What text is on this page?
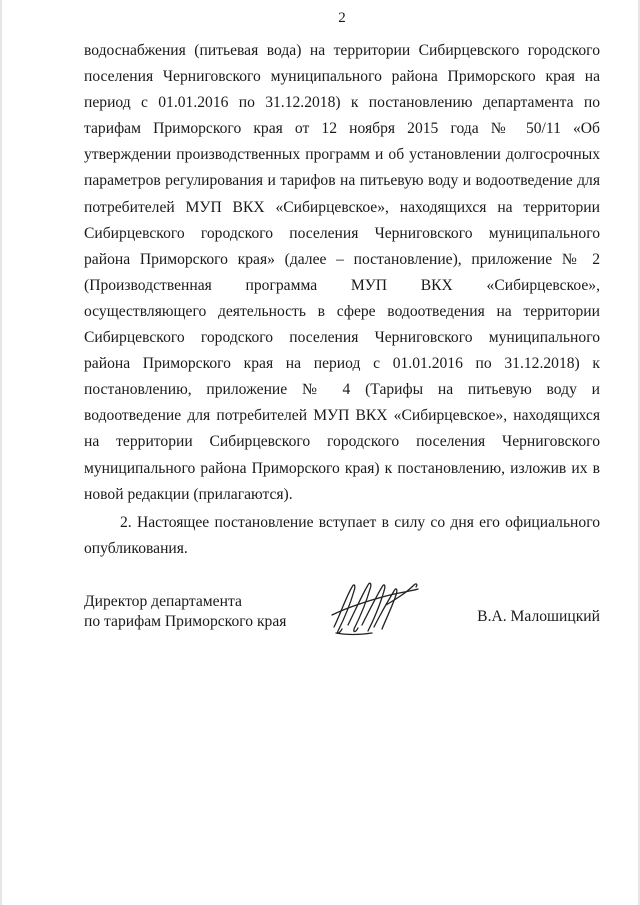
2

водоснабжения (питьевая вода) на территории Сибирцевского городского поселения Черниговского муниципального района Приморского края на период с 01.01.2016 по 31.12.2018) к постановлению департамента по тарифам Приморского края от 12 ноября 2015 года № 50/11 «Об утверждении производственных программ и об установлении долгосрочных параметров регулирования и тарифов на питьевую воду и водоотведение для потребителей МУП ВКХ «Сибирцевское», находящихся на территории Сибирцевского городского поселения Черниговского муниципального района Приморского края» (далее – постановление), приложение № 2 (Производственная программа МУП ВКХ «Сибирцевское», осуществляющего деятельность в сфере водоотведения на территории Сибирцевского городского поселения Черниговского муниципального района Приморского края на период с 01.01.2016 по 31.12.2018) к постановлению, приложение № 4 (Тарифы на питьевую воду и водоотведение для потребителей МУП ВКХ «Сибирцевское», находящихся на территории Сибирцевского городского поселения Черниговского муниципального района Приморского края) к постановлению, изложив их в новой редакции (прилагаются).

2. Настоящее постановление вступает в силу со дня его официального опубликования.

Директор департамента
по тарифам Приморского края	В.А. Малошицкий
